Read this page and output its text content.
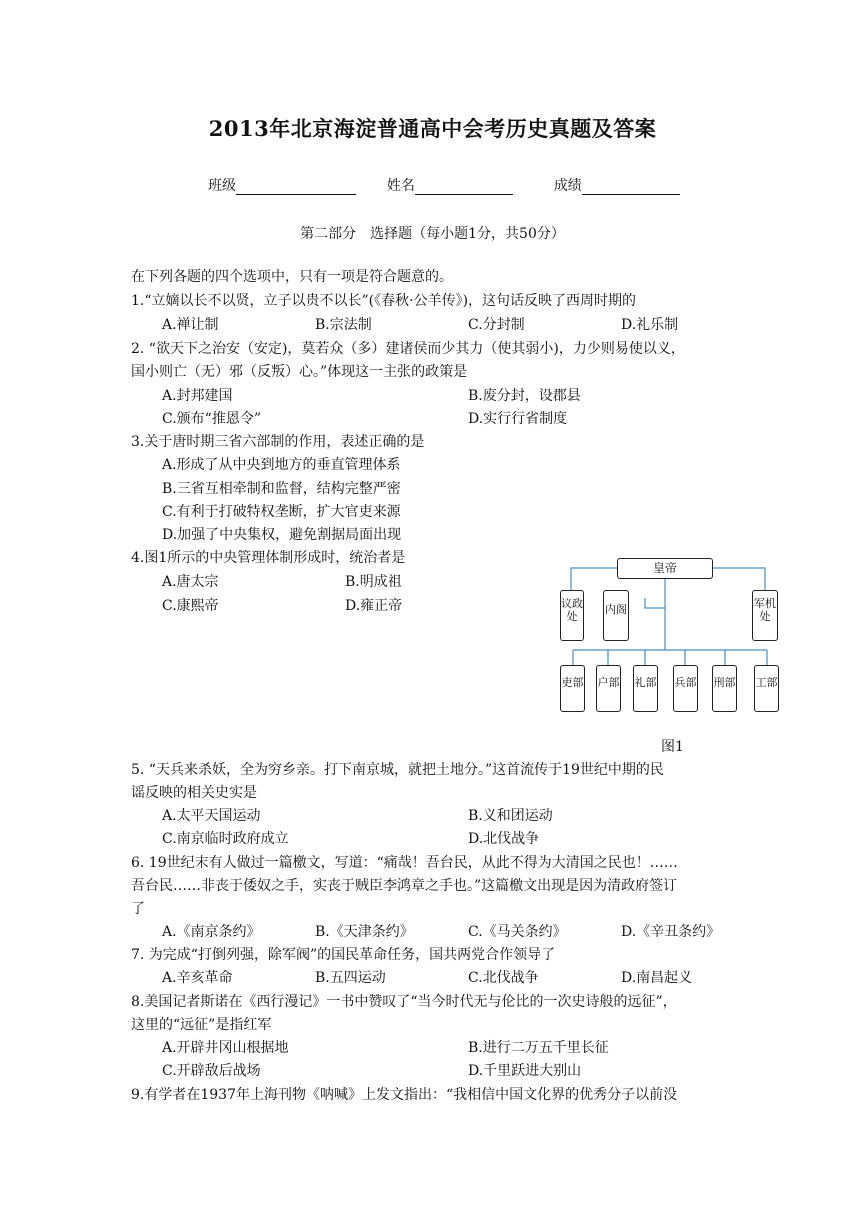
2013年北京海淀普通高中会考历史真题及答案
班级	姓名	成绩
第二部分　选择题（每小题1分，共50分）
在下列各题的四个选项中，只有一项是符合题意的。
1.“立嫡以长不以贤，立子以贵不以长”(《春秋·公羊传》)，这句话反映了西周时期的
A.禅让制	B.宗法制	C.分封制	D.礼乐制
2. “欲天下之治安（安定)，莫若众（多）建诸侯而少其力（使其弱小)，力少则易使以义，
国小则亡（无）邪（反叛）心。”体现这一主张的政策是
A.封邦建国	B.废分封，设郡县
C.颁布“推恩令”	D.实行行省制度
3.关于唐时期三省六部制的作用，表述正确的是
A.形成了从中央到地方的垂直管理体系
B.三省互相牵制和监督，结构完整严密
C.有利于打破特权垄断，扩大官吏来源
D.加强了中央集权，避免割据局面出现
4.图1所示的中央管理体制形成时，统治者是
A.唐太宗	B.明成祖
C.康熙帝	D.雍正帝
皇帝
议政处
内阁	军机处
吏部 户部 礼部 兵部 刑部 工部
图1
5. “天兵来杀妖，全为穷乡亲。打下南京城，就把土地分。”这首流传于19世纪中期的民
谣反映的相关史实是
A.太平天国运动	B.义和团运动
C.南京临时政府成立	D.北伐战争
6. 19世纪末有人做过一篇檄文，写道：“痛哉！吾台民，从此不得为大清国之民也！……
吾台民……非丧于倭奴之手，实丧于贼臣李鸿章之手也。”这篇檄文出现是因为清政府签订
了
A.《南京条约》	B.《天津条约》	C.《马关条约》	D.《辛丑条约》
7. 为完成“打倒列强，除军阀”的国民革命任务，国共两党合作领导了
A.辛亥革命	B.五四运动	C.北伐战争	D.南昌起义
8.美国记者斯诺在《西行漫记》一书中赞叹了“当今时代无与伦比的一次史诗般的远征”，
这里的“远征”是指红军
A.开辟井冈山根据地	B.进行二万五千里长征
C.开辟敌后战场	D.千里跃进大别山
9.有学者在1937年上海刊物《呐喊》上发文指出：“我相信中国文化界的优秀分子以前没
